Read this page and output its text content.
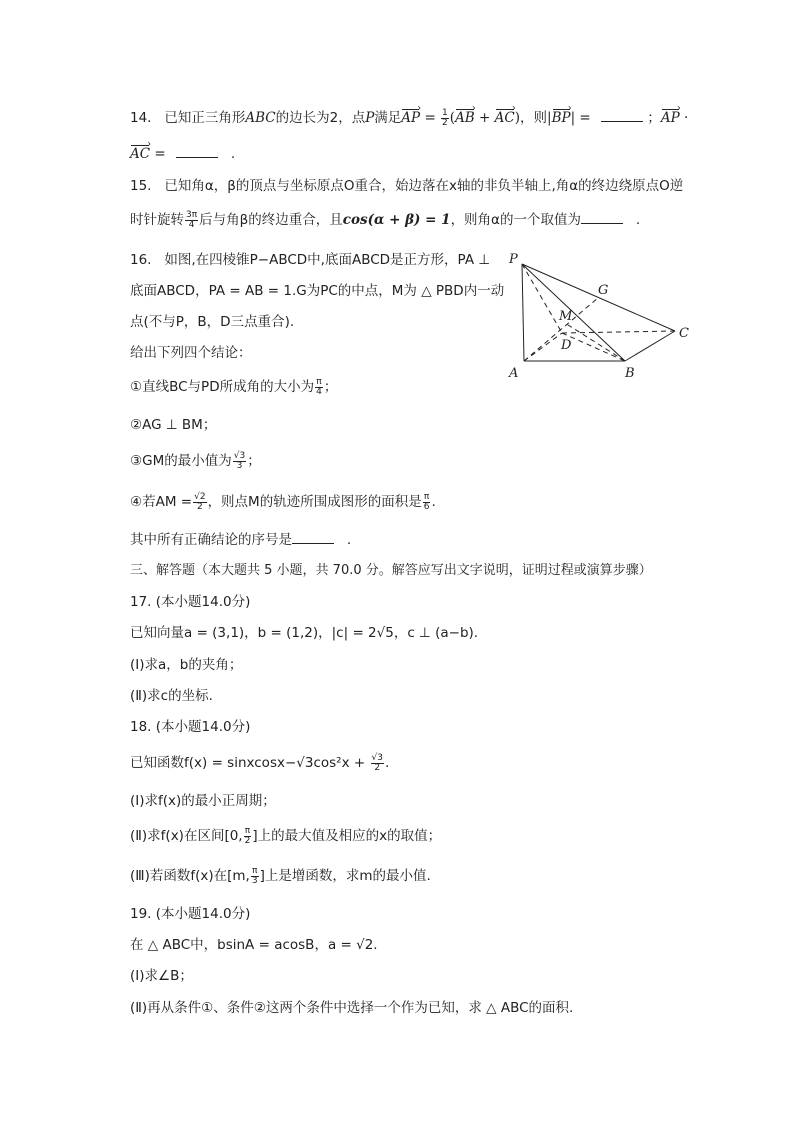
14. 已知正三角形ABC的边长为2，点P满足AP › = $\frac{1}{2} (AB$ › + AC ›)，则|BP ›| =	；AP › ·
AC › =	.
15. 已知角α，β的顶点与坐标原点O重合，始边落在x轴的非负半轴上,角α的终边绕原点O逆
时针旋转 $\frac{3\pi}{4}$ 后与角β的终边重合，且cos(α + β) = 1，则角α的一个取值为	.
16. 如图,在四棱锥P−ABCD中,底面ABCD是正方形，PA ⊥
底面ABCD，PA = AB = 1.G为PC的中点，M为 △ PBD内一动
点(不与P，B，D三点重合).
给出下列四个结论：
①直线BC与PD所成角的大小为 $\frac{\pi}{4}$ ；
②AG ⊥ BM；
③GM的最小值为 $\frac{√3}{3}$ ；
④若AM = $\frac{√2}{2}$ ，则点M的轨迹所围成图形的面积是 $\frac{\pi}{6}$ .
其中所有正确结论的序号是	.
P
G
M
D
C
A	B
三、解答题（本大题共 5 小题，共 70.0 分。解答应写出文字说明，证明过程或演算步骤）
17. (本小题14.0分)
已知向量a = (3,1)，b = (1,2)，|c| = 2√5，c ⊥ (a−b).
(Ⅰ)求a，b的夹角；
(Ⅱ)求c的坐标.
18. (本小题14.0分)
已知函数f(x) = sinxcosx−√3cos²x + $\frac{√3}{2}$ .
(Ⅰ)求f(x)的最小正周期；
(Ⅱ)求f(x)在区间[0, $\frac{\pi}{2}$ ]上的最大值及相应的x的取值；
(Ⅲ)若函数f(x)在[m, $\frac{\pi}{3}$ ]上是增函数，求m的最小值.
19. (本小题14.0分)
在 △ ABC中，bsinA = acosB，a = √2.
(Ⅰ)求∠B；
(Ⅱ)再从条件①、条件②这两个条件中选择一个作为已知，求 △ ABC的面积.
